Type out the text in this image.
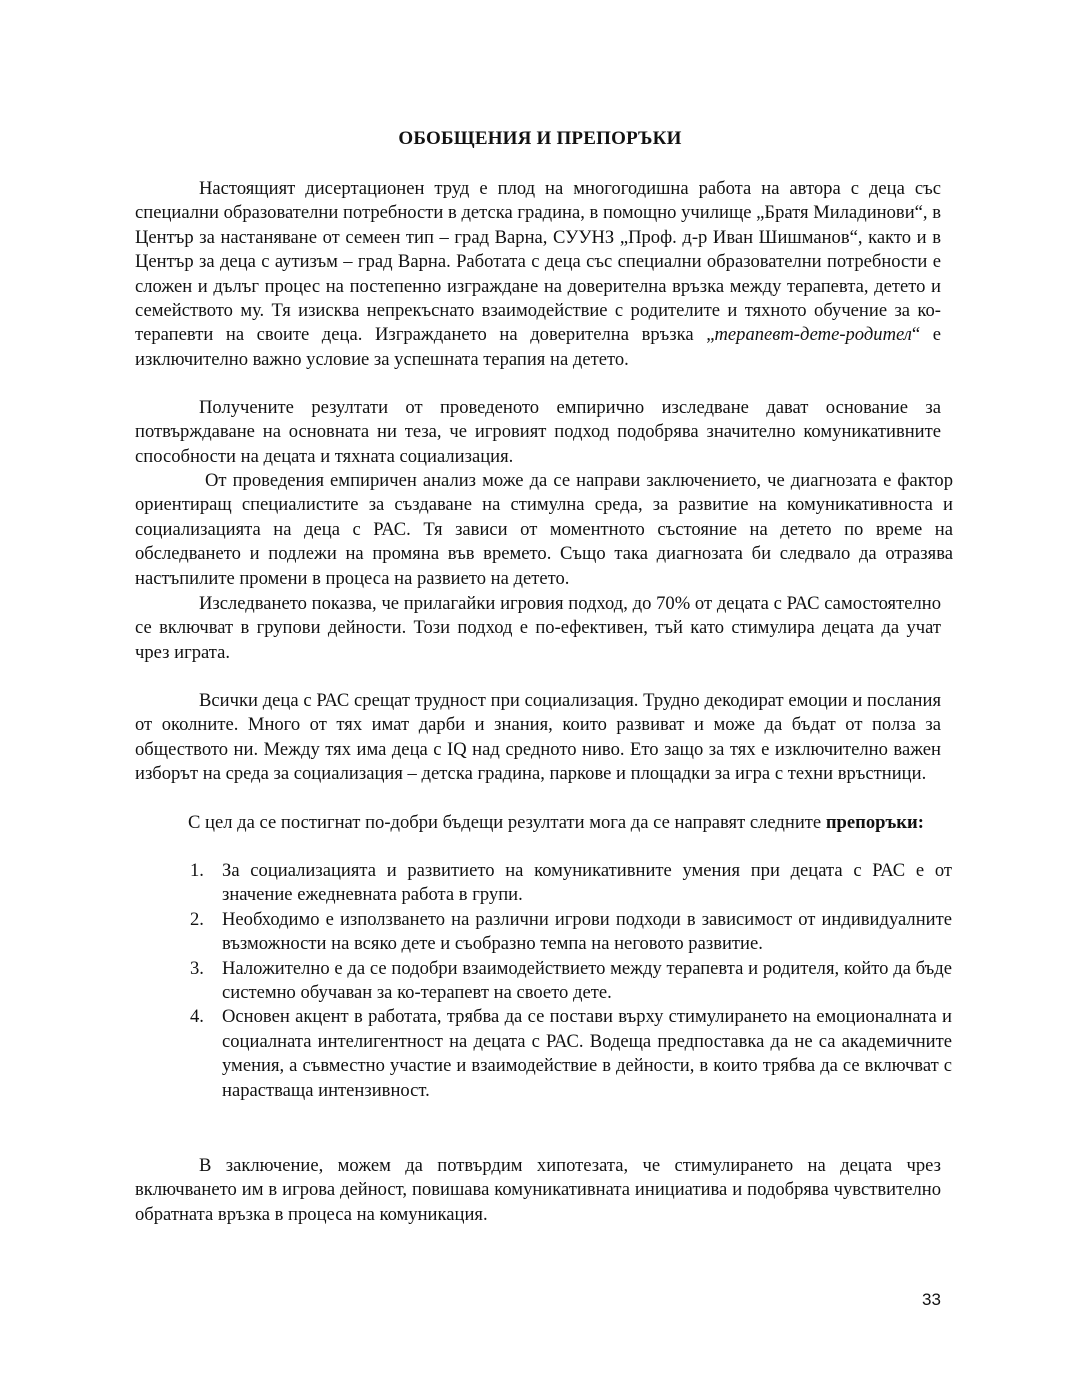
ОБОБЩЕНИЯ И ПРЕПОРЪКИ

Настоящият дисертационен труд е плод на многогодишна работа на автора с деца със специални образователни потребности в детска градина, в помощно училище „Братя Миладинови“, в Център за настаняване от семеен тип – град Варна, СУУНЗ „Проф. д-р Иван Шишманов“, както и в Център за деца с аутизъм – град Варна. Работата с деца със специални образователни потребности е сложен и дълъг процес на постепенно изграждане на доверителна връзка между терапевта, детето и семейството му. Тя изисква непрекъснато взаимодействие с родителите и тяхното обучение за ко-терапевти на своите деца. Изграждането на доверителна връзка „терапевт-дете-родител“ е изключително важно условие за успешната терапия на детето.

Получените резултати от проведеното емпирично изследване дават основание за потвърждаване на основната ни теза, че игровият подход подобрява значително комуникативните способности на децата и тяхната социализация.

От проведения емпиричен анализ може да се направи заключението, че диагнозата е фактор ориентиращ специалистите за създаване на стимулна среда, за развитие на комуникативноста и социализацията на деца с РАС. Тя зависи от моментното състояние на детето по време на обследването и подлежи на промяна във времето. Също така диагнозата би следвало да отразява настъпилите промени в процеса на развието на детето.

Изследването показва, че прилагайки игровия подход, до 70% от децата с РАС самостоятелно се включват в групови дейности. Този подход е по-ефективен, тъй като стимулира децата да учат чрез играта.

Всички деца с РАС срещат трудност при социализация. Трудно декодират емоции и послания от околните. Много от тях имат дарби и знания, които развиват и може да бъдат от полза за обществото ни. Между тях има деца с IQ над средното ниво. Ето защо за тях е изключително важен изборът на среда за социализация – детска градина, паркове и площадки за игра с техни връстници.

С цел да се постигнат по-добри бъдещи резултати мога да се направят следните препоръки:

1. За социализацията и развитието на комуникативните умения при децата с РАС е от значение ежедневната работа в групи.
2. Необходимо е използването на различни игрови подходи в зависимост от индивидуалните възможности на всяко дете и съобразно темпа на неговото развитие.
3. Наложително е да се подобри взаимодействието между терапевта и родителя, който да бъде системно обучаван за ко-терапевт на своето дете.
4. Основен акцент в работата, трябва да се постави върху стимулирането на емоционалната и социалната интелигентност на децата с РАС. Водеща предпоставка да не са академичните умения, а съвместно участие и взаимодействие в дейности, в които трябва да се включват с нарастваща интензивност.

В заключение, можем да потвърдим хипотезата, че стимулирането на децата чрез включването им в игрова дейност, повишава комуникативната инициатива и подобрява чувствително обратната връзка в процеса на комуникация.

33
